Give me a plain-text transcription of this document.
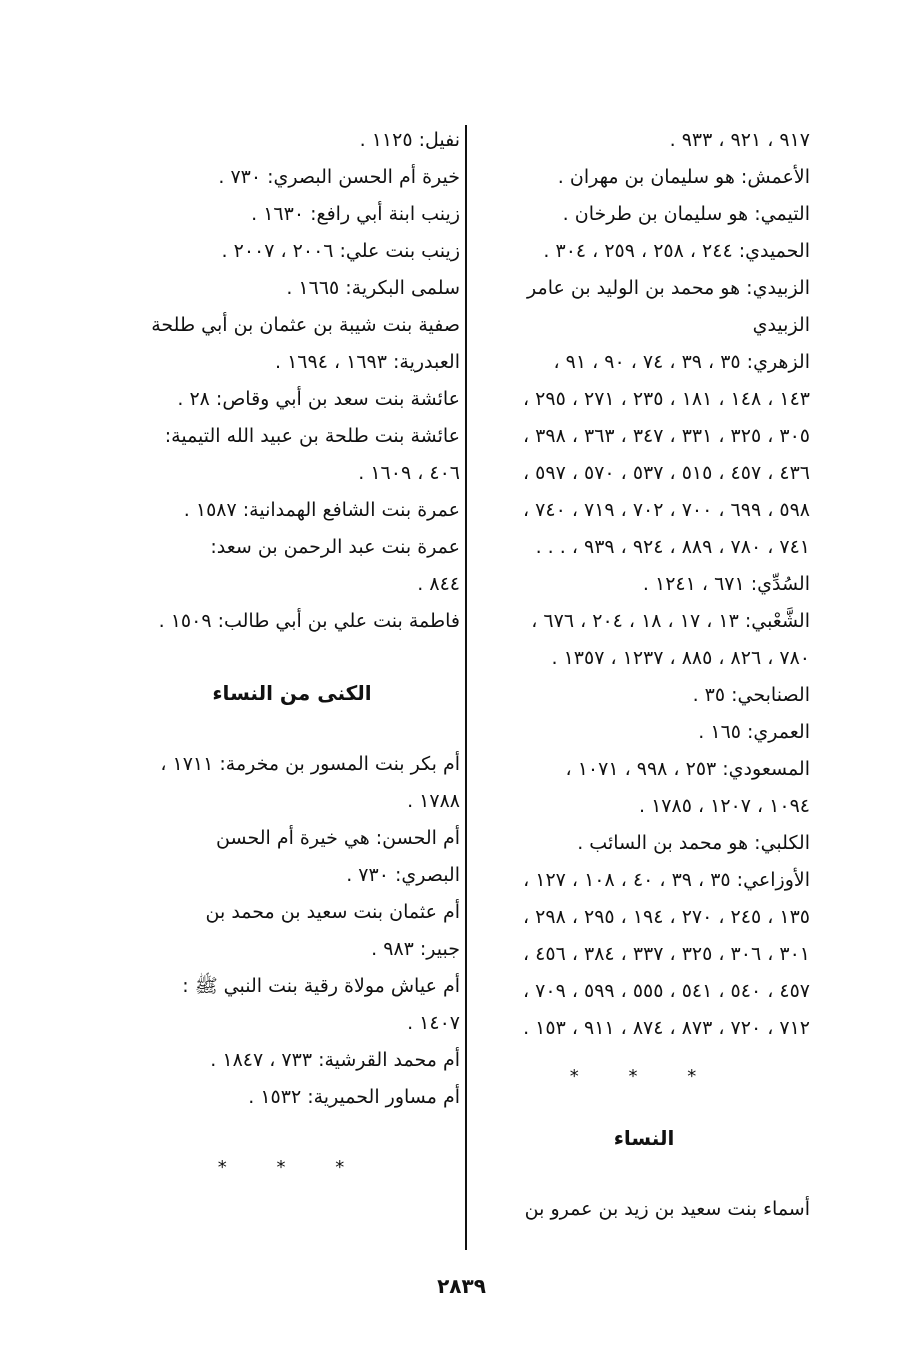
٩١٧ ، ٩٢١ ، ٩٣٣ .
الأعمش: هو سليمان بن مهران .
التيمي: هو سليمان بن طرخان .
الحميدي: ٢٤٤ ، ٢٥٨ ، ٢٥٩ ، ٣٠٤ .
الزبيدي: هو محمد بن الوليد بن عامر
الزبيدي
الزهري: ٣٥ ، ٣٩ ، ٧٤ ، ٩٠ ، ٩١ ،
١٤٣ ، ١٤٨ ، ١٨١ ، ٢٣٥ ، ٢٧١ ، ٢٩٥ ،
٣٠٥ ، ٣٢٥ ، ٣٣١ ، ٣٤٧ ، ٣٦٣ ، ٣٩٨ ،
٤٣٦ ، ٤٥٧ ، ٥١٥ ، ٥٣٧ ، ٥٧٠ ، ٥٩٧ ،
٥٩٨ ، ٦٩٩ ، ٧٠٠ ، ٧٠٢ ، ٧١٩ ، ٧٤٠ ،
٧٤١ ، ٧٨٠ ، ٨٨٩ ، ٩٢٤ ، ٩٣٩ ، . . .
السُدِّي: ٦٧١ ، ١٢٤١ .
الشَّعْبي: ١٣ ، ١٧ ، ١٨ ، ٢٠٤ ، ٦٧٦ ،
٧٨٠ ، ٨٢٦ ، ٨٨٥ ، ١٢٣٧ ، ١٣٥٧ .
الصنابحي: ٣٥ .
العمري: ١٦٥ .
المسعودي: ٢٥٣ ، ٩٩٨ ، ١٠٧١ ،
١٠٩٤ ، ١٢٠٧ ، ١٧٨٥ .
الكلبي: هو محمد بن السائب .
الأوزاعي: ٣٥ ، ٣٩ ، ٤٠ ، ١٠٨ ، ١٢٧ ،
١٣٥ ، ٢٤٥ ، ٢٧٠ ، ١٩٤ ، ٢٩٥ ، ٢٩٨ ،
٣٠١ ، ٣٠٦ ، ٣٢٥ ، ٣٣٧ ، ٣٨٤ ، ٤٥٦ ،
٤٥٧ ، ٥٤٠ ، ٥٤١ ، ٥٥٥ ، ٥٩٩ ، ٧٠٩ ،
٧١٢ ، ٧٢٠ ، ٨٧٣ ، ٨٧٤ ، ٩١١ ، ١٥٣ .
* * *
النساء
أسماء بنت سعيد بن زيد بن عمرو بن
نفيل: ١١٢٥ .
خيرة أم الحسن البصري: ٧٣٠ .
زينب ابنة أبي رافع: ١٦٣٠ .
زينب بنت علي: ٢٠٠٦ ، ٢٠٠٧ .
سلمى البكرية: ١٦٦٥ .
صفية بنت شيبة بن عثمان بن أبي طلحة
العبدرية: ١٦٩٣ ، ١٦٩٤ .
عائشة بنت سعد بن أبي وقاص: ٢٨ .
عائشة بنت طلحة بن عبيد الله التيمية:
٤٠٦ ، ١٦٠٩ .
عمرة بنت الشافع الهمدانية: ١٥٨٧ .
عمرة بنت عبد الرحمن بن سعد:
٨٤٤ .
فاطمة بنت علي بن أبي طالب: ١٥٠٩ .
الكنى من النساء
أم بكر بنت المسور بن مخرمة: ١٧١١ ،
١٧٨٨ .
أم الحسن: هي خيرة أم الحسن
البصري: ٧٣٠ .
أم عثمان بنت سعيد بن محمد بن
جبير: ٩٨٣ .
أم عياش مولاة رقية بنت النبي ﷺ :
١٤٠٧ .
أم محمد القرشية: ٧٣٣ ، ١٨٤٧ .
أم مساور الحميرية: ١٥٣٢ .
* * *
٢٨٣٩
